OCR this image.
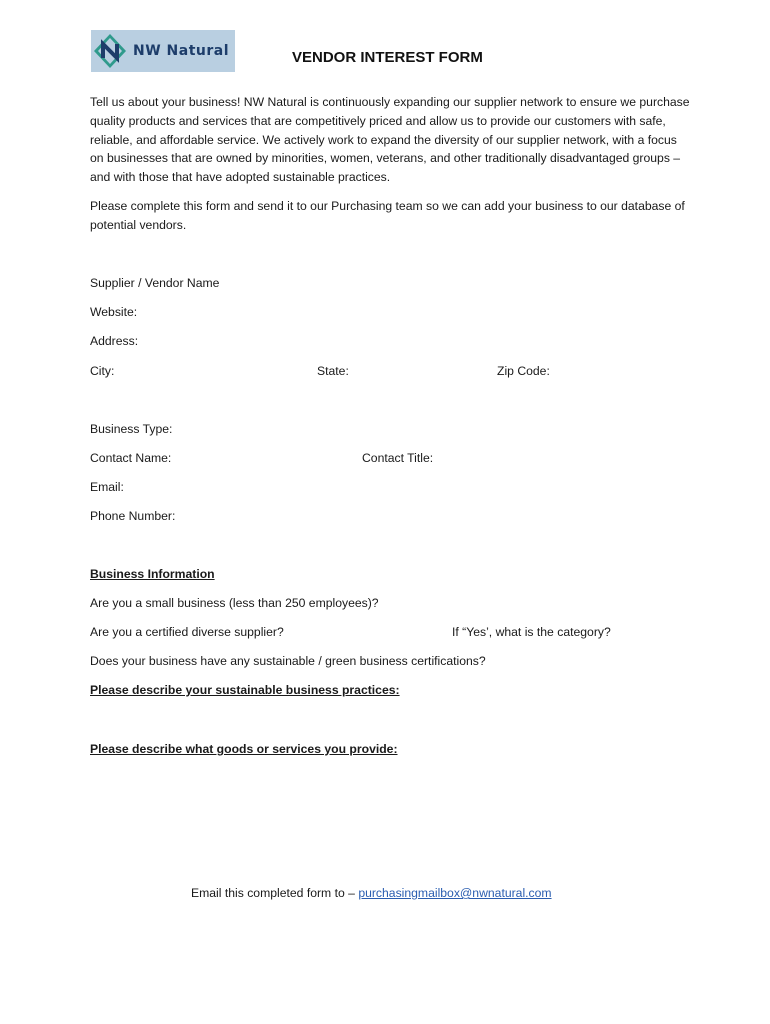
NW Natural	VENDOR INTEREST FORM

Tell us about your business! NW Natural is continuously expanding our supplier network to ensure we purchase quality products and services that are competitively priced and allow us to provide our customers with safe, reliable, and affordable service. We actively work to expand the diversity of our supplier network, with a focus on businesses that are owned by minorities, women, veterans, and other traditionally disadvantaged groups – and with those that have adopted sustainable practices.

Please complete this form and send it to our Purchasing team so we can add your business to our database of potential vendors.

Supplier / Vendor Name
Website:
Address:
City:	State:	Zip Code:
Business Type:
Contact Name:	Contact Title:
Email:
Phone Number:
Business Information
Are you a small business (less than 250 employees)?
Are you a certified diverse supplier?	If “Yes’, what is the category?
Does your business have any sustainable / green business certifications?
Please describe your sustainable business practices:
Please describe what goods or services you provide:
Email this completed form to – purchasingmailbox@nwnatural.com
